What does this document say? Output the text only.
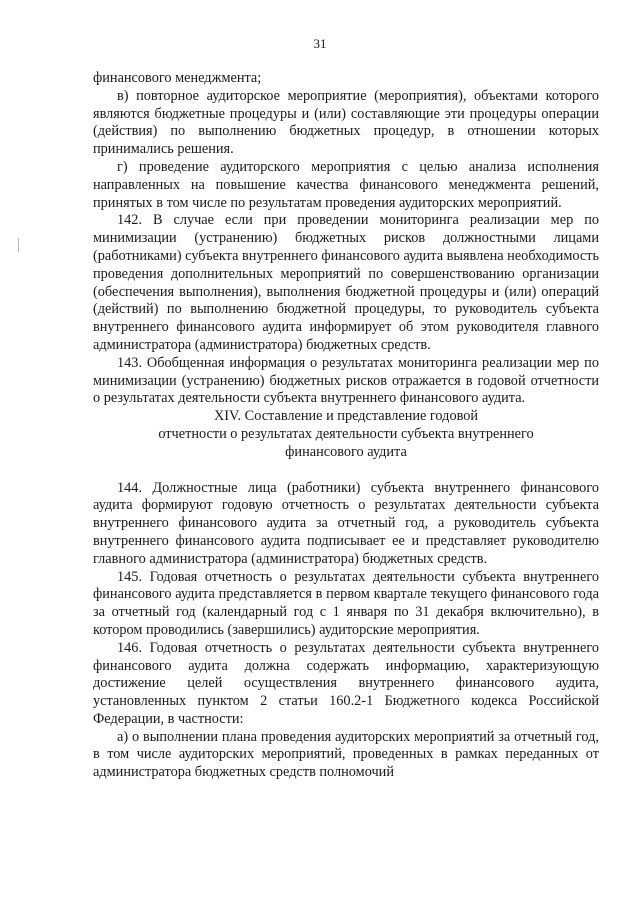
31

финансового менеджмента;

в) повторное аудиторское мероприятие (мероприятия), объектами которого являются бюджетные процедуры и (или) составляющие эти процедуры операции (действия) по выполнению бюджетных процедур, в отношении которых принимались решения.

г) проведение аудиторского мероприятия с целью анализа исполнения направленных на повышение качества финансового менеджмента решений, принятых в том числе по результатам проведения аудиторских мероприятий.

142. В случае если при проведении мониторинга реализации мер по минимизации (устранению) бюджетных рисков должностными лицами (работниками) субъекта внутреннего финансового аудита выявлена необходимость проведения дополнительных мероприятий по совершенствованию организации (обеспечения выполнения), выполнения бюджетной процедуры и (или) операций (действий) по выполнению бюджетной процедуры, то руководитель субъекта внутреннего финансового аудита информирует об этом руководителя главного администратора (администратора) бюджетных средств.

143. Обобщенная информация о результатах мониторинга реализации мер по минимизации (устранению) бюджетных рисков отражается в годовой отчетности о результатах деятельности субъекта внутреннего финансового аудита.

XIV. Составление и представление годовой
отчетности о результатах деятельности субъекта внутреннего
финансового аудита

144. Должностные лица (работники) субъекта внутреннего финансового аудита формируют годовую отчетность о результатах деятельности субъекта внутреннего финансового аудита за отчетный год, а руководитель субъекта внутреннего финансового аудита подписывает ее и представляет руководителю главного администратора (администратора) бюджетных средств.

145. Годовая отчетность о результатах деятельности субъекта внутреннего финансового аудита представляется в первом квартале текущего финансового года за отчетный год (календарный год с 1 января по 31 декабря включительно), в котором проводились (завершились) аудиторские мероприятия.

146. Годовая отчетность о результатах деятельности субъекта внутреннего финансового аудита должна содержать информацию, характеризующую достижение целей осуществления внутреннего финансового аудита, установленных пунктом 2 статьи 160.2-1 Бюджетного кодекса Российской Федерации, в частности:

а) о выполнении плана проведения аудиторских мероприятий за отчетный год, в том числе аудиторских мероприятий, проведенных в рамках переданных от администратора бюджетных средств полномочий
